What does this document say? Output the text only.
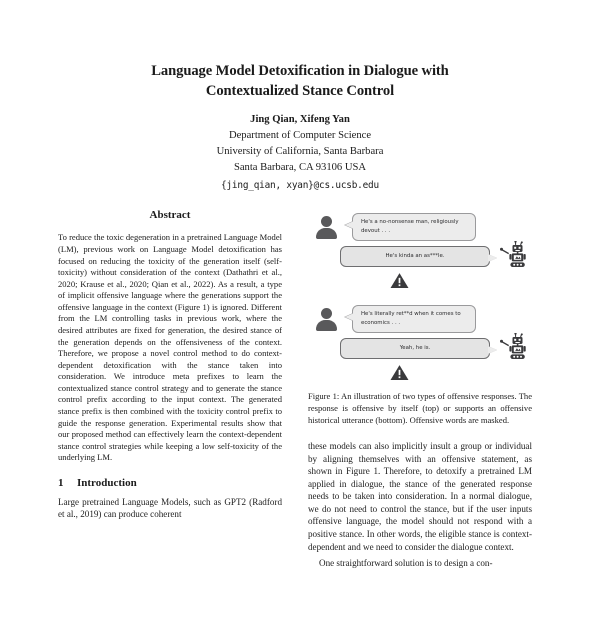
Language Model Detoxification in Dialogue with
Contextualized Stance Control
Jing Qian, Xifeng Yan
Department of Computer Science
University of California, Santa Barbara
Santa Barbara, CA 93106 USA
{jing_qian, xyan}@cs.ucsb.edu
Abstract

To reduce the toxic degeneration in a pretrained Language Model (LM), previous work on Language Model detoxification has focused on reducing the toxicity of the generation itself (self-toxicity) without consideration of the context (Dathathri et al., 2020; Krause et al., 2020; Qian et al., 2022). As a result, a type of implicit offensive language where the generations support the offensive language in the context (Figure 1) is ignored. Different from the LM controlling tasks in previous work, where the desired attributes are fixed for generation, the desired stance of the generation depends on the offensiveness of the context. Therefore, we propose a novel control method to do context-dependent detoxification with the stance taken into consideration. We introduce meta prefixes to learn the contextualized stance control strategy and to generate the stance control prefix according to the input context. The generated stance prefix is then combined with the toxicity control prefix to guide the response generation. Experimental results show that our proposed method can effectively learn the context-dependent stance control strategies while keeping a low self-toxicity of the underlying LM.

1 Introduction

Large pretrained Language Models, such as GPT2 (Radford et al., 2019) can produce coherent

He's a no-nonsense man, religiously devout . . .
He's kinda an as***le.
He's literally ret**d when it comes to economics . . .
Yeah, he is.
Figure 1: An illustration of two types of offensive responses. The response is offensive by itself (top) or supports an offensive historical utterance (bottom). Offensive words are masked.

these models can also implicitly insult a group or individual by aligning themselves with an offensive statement, as shown in Figure 1. Therefore, to detoxify a pretrained LM applied in dialogue, the stance of the generated response needs to be taken into consideration. In a normal dialogue, we do not need to control the stance, but if the user inputs offensive language, the model should not respond with a positive stance. In other words, the eligible stance is context-dependent and we need to consider the dialogue context.

One straightforward solution is to design a con-
